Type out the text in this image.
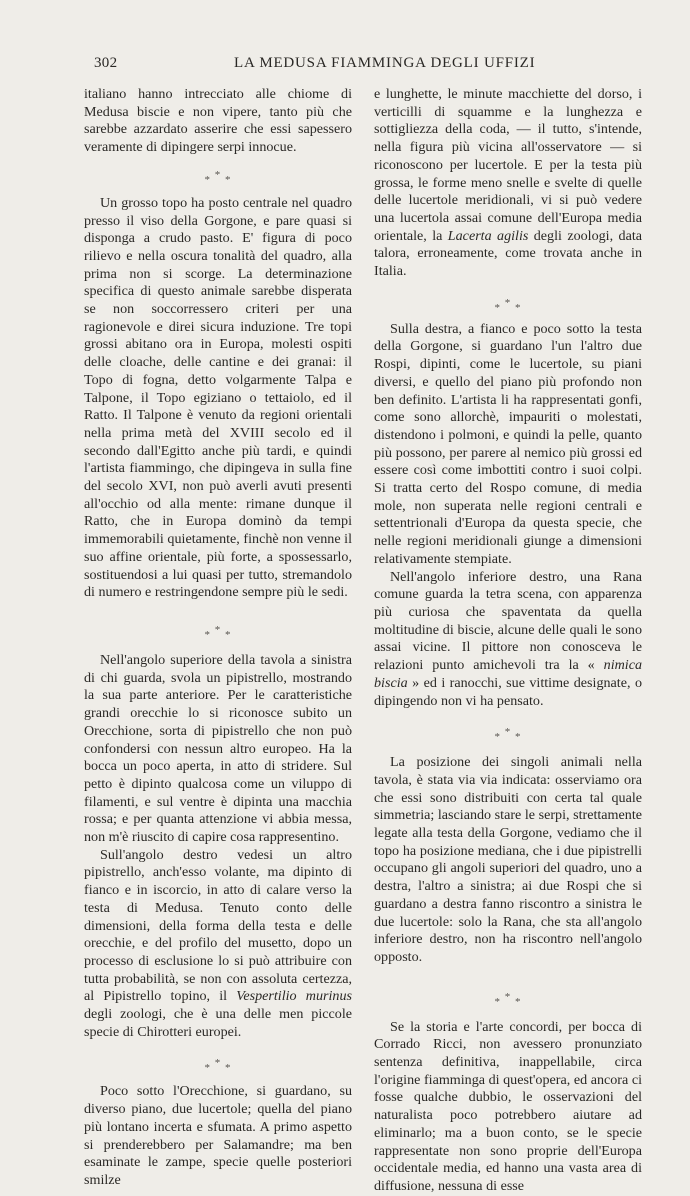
302	LA MEDUSA FIAMMINGA DEGLI UFFIZI

italiano hanno intrecciato alle chiome di Medusa biscie e non vipere, tanto più che sarebbe azzardato asserire che essi sapessero veramente di dipingere serpi innocue.

* * *

Un grosso topo ha posto centrale nel quadro presso il viso della Gorgone, e pare quasi si disponga a crudo pasto. E' figura di poco rilievo e nella oscura tonalità del quadro, alla prima non si scorge. La determinazione specifica di questo animale sarebbe disperata se non soccorressero criteri per una ragionevole e direi sicura induzione. Tre topi grossi abitano ora in Europa, molesti ospiti delle cloache, delle cantine e dei granai: il Topo di fogna, detto volgarmente Talpa e Talpone, il Topo egiziano o tettaiolo, ed il Ratto. Il Talpone è venuto da regioni orientali nella prima metà del XVIII secolo ed il secondo dall'Egitto anche più tardi, e quindi l'artista fiammingo, che dipingeva in sulla fine del secolo XVI, non può averli avuti presenti all'occhio od alla mente: rimane dunque il Ratto, che in Europa dominò da tempi immemorabili quietamente, finchè non venne il suo affine orientale, più forte, a spossessarlo, sostituendosi a lui quasi per tutto, stremandolo di numero e restringendone sempre più le sedi.

* * *

Nell'angolo superiore della tavola a sinistra di chi guarda, svola un pipistrello, mostrando la sua parte anteriore. Per le caratteristiche grandi orecchie lo si riconosce subito un Orecchione, sorta di pipistrello che non può confondersi con nessun altro europeo. Ha la bocca un poco aperta, in atto di stridere. Sul petto è dipinto qualcosa come un viluppo di filamenti, e sul ventre è dipinta una macchia rossa; e per quanta attenzione vi abbia messa, non m'è riuscito di capire cosa rappresentino.

Sull'angolo destro vedesi un altro pipistrello, anch'esso volante, ma dipinto di fianco e in iscorcio, in atto di calare verso la testa di Medusa. Tenuto conto delle dimensioni, della forma della testa e delle orecchie, e del profilo del musetto, dopo un processo di esclusione lo si può attribuire con tutta probabilità, se non con assoluta certezza, al Pipistrello topino, il Vespertilio murinus degli zoologi, che è una delle men piccole specie di Chirotteri europei.

* * *

Poco sotto l'Orecchione, si guardano, su diverso piano, due lucertole; quella del piano più lontano incerta e sfumata. A primo aspetto si prenderebbero per Salamandre; ma ben esaminate le zampe, specie quelle posteriori smilze

e lunghette, le minute macchiette del dorso, i verticilli di squamme e la lunghezza e sottigliezza della coda, — il tutto, s'intende, nella figura più vicina all'osservatore — si riconoscono per lucertole. E per la testa più grossa, le forme meno snelle e svelte di quelle delle lucertole meridionali, vi si può vedere una lucertola assai comune dell'Europa media orientale, la Lacerta agilis degli zoologi, data talora, erroneamente, come trovata anche in Italia.

* * *

Sulla destra, a fianco e poco sotto la testa della Gorgone, si guardano l'un l'altro due Rospi, dipinti, come le lucertole, su piani diversi, e quello del piano più profondo non ben definito. L'artista li ha rappresentati gonfi, come sono allorchè, impauriti o molestati, distendono i polmoni, e quindi la pelle, quanto più possono, per parere al nemico più grossi ed essere così come imbottiti contro i suoi colpi. Si tratta certo del Rospo comune, di media mole, non superata nelle regioni centrali e settentrionali d'Europa da questa specie, che nelle regioni meridionali giunge a dimensioni relativamente stempiate.

Nell'angolo inferiore destro, una Rana comune guarda la tetra scena, con apparenza più curiosa che spaventata da quella moltitudine di biscie, alcune delle quali le sono assai vicine. Il pittore non conosceva le relazioni punto amichevoli tra la « nimica biscia » ed i ranocchi, sue vittime designate, o dipingendo non vi ha pensato.

* * *

La posizione dei singoli animali nella tavola, è stata via via indicata: osserviamo ora che essi sono distribuiti con certa tal quale simmetria; lasciando stare le serpi, strettamente legate alla testa della Gorgone, vediamo che il topo ha posizione mediana, che i due pipistrelli occupano gli angoli superiori del quadro, uno a destra, l'altro a sinistra; ai due Rospi che si guardano a destra fanno riscontro a sinistra le due lucertole: solo la Rana, che sta all'angolo inferiore destro, non ha riscontro nell'angolo opposto.

* * *

Se la storia e l'arte concordi, per bocca di Corrado Ricci, non avessero pronunziato sentenza definitiva, inappellabile, circa l'origine fiamminga di quest'opera, ed ancora ci fosse qualche dubbio, le osservazioni del naturalista poco potrebbero aiutare ad eliminarlo; ma a buon conto, se le specie rappresentate non sono proprie dell'Europa occidentale media, ed hanno una vasta area di diffusione, nessuna di esse
